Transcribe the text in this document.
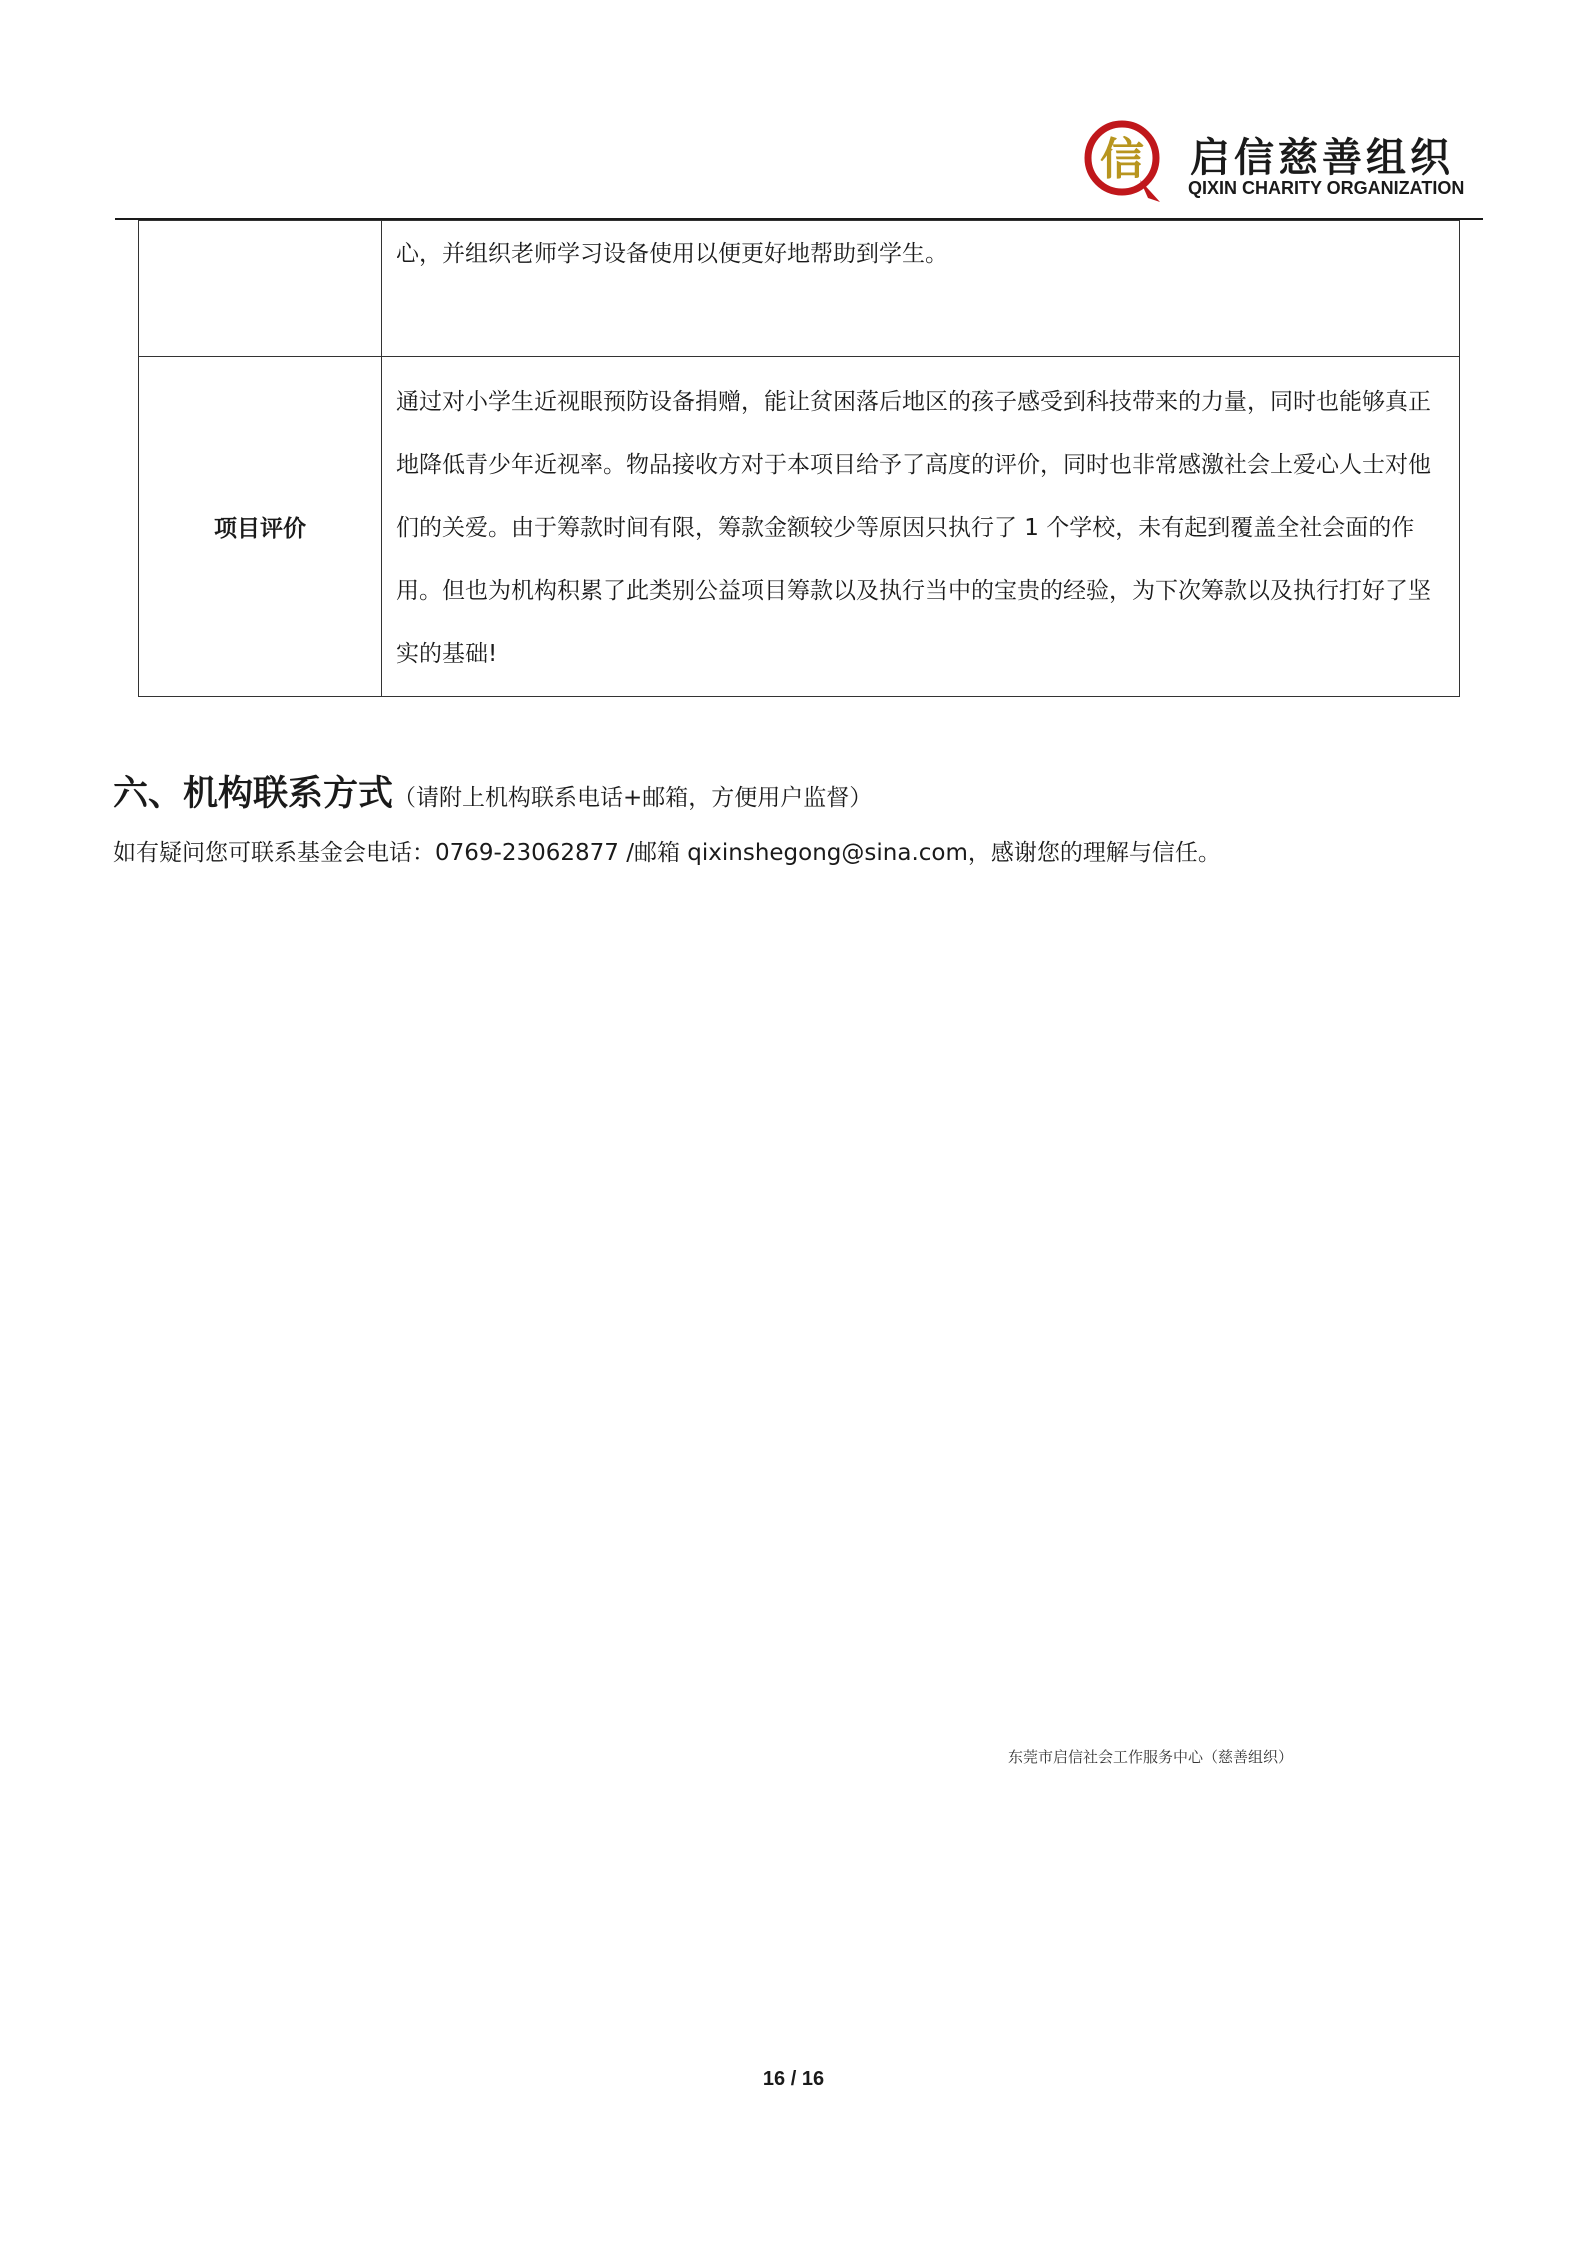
信 启信慈善组织
QIXIN CHARITY ORGANIZATION
	心，并组织老师学习设备使用以便更好地帮助到学生。
项目评价	通过对小学生近视眼预防设备捐赠，能让贫困落后地区的孩子感受到科技带来的力量，同时也能够真正地降低青少年近视率。物品接收方对于本项目给予了高度的评价，同时也非常感激社会上爱心人士对他们的关爱。由于筹款时间有限，筹款金额较少等原因只执行了 1 个学校，未有起到覆盖全社会面的作用。但也为机构积累了此类别公益项目筹款以及执行当中的宝贵的经验，为下次筹款以及执行打好了坚实的基础!
六、机构联系方式（请附上机构联系电话+邮箱，方便用户监督）
如有疑问您可联系基金会电话：0769-23062877 /邮箱 qixinshegong@sina.com，感谢您的理解与信任。
东莞市启信社会工作服务中心（慈善组织）
16 / 16
